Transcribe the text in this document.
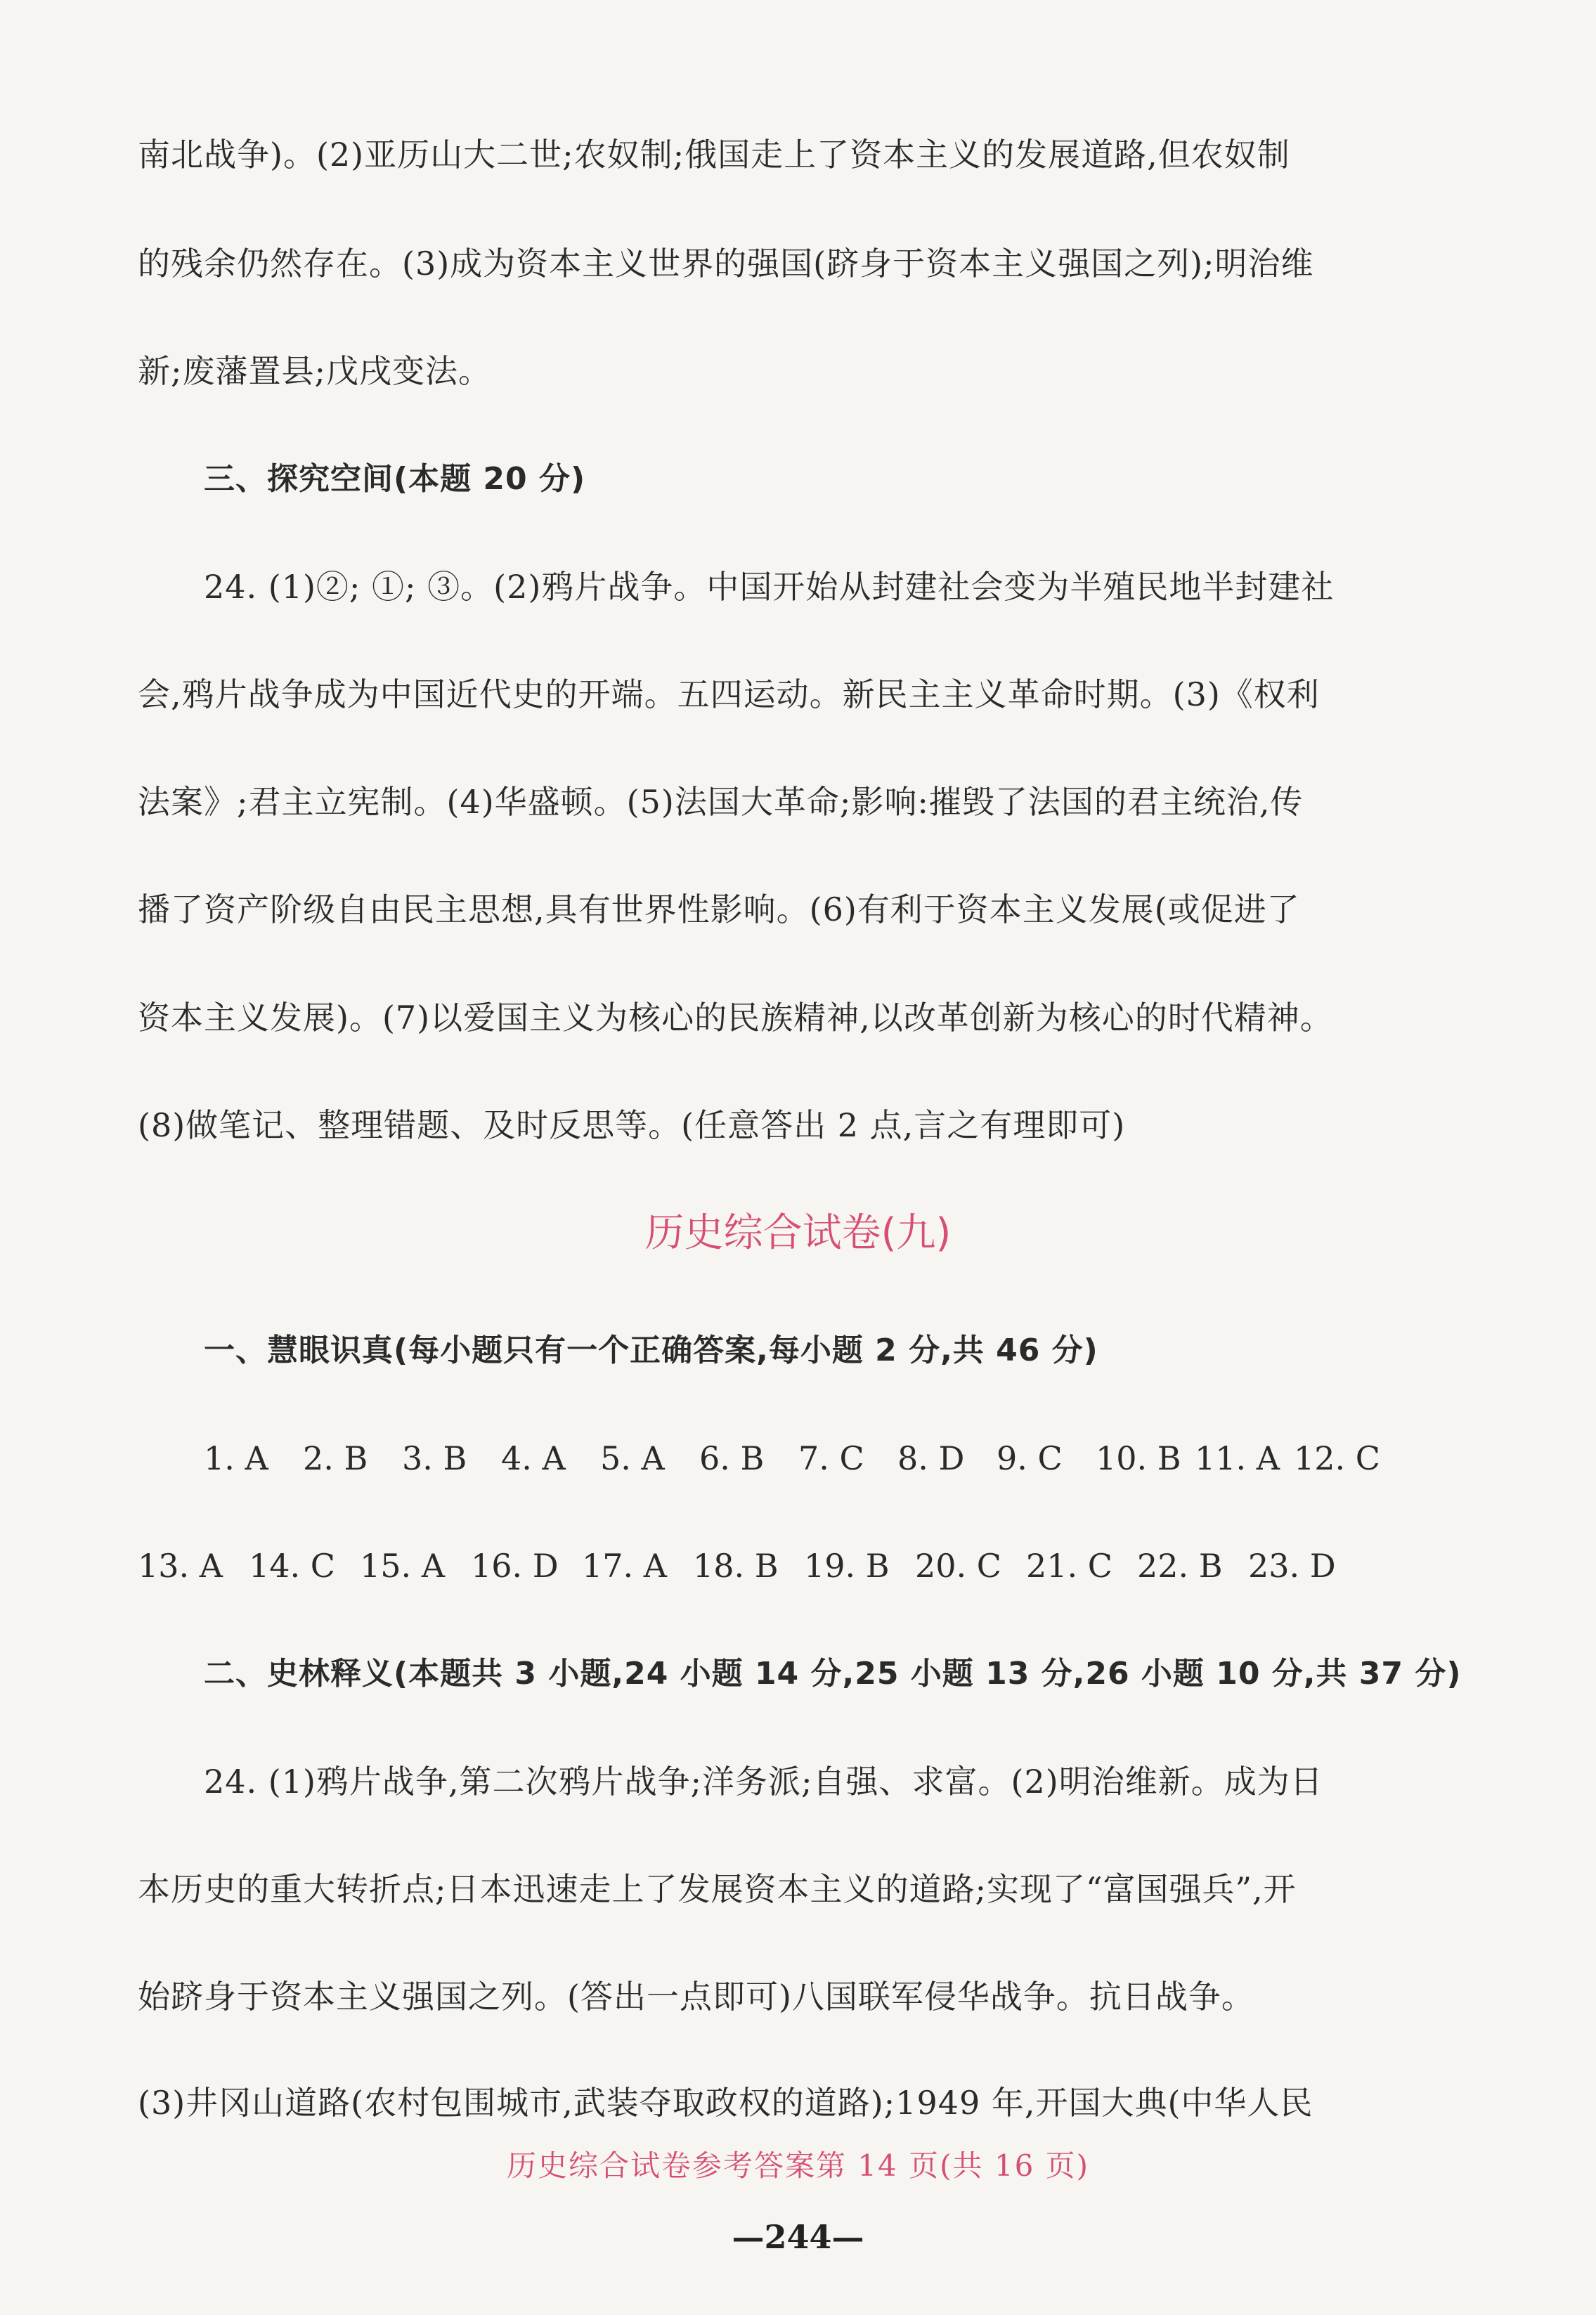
南北战争)。(2)亚历山大二世;农奴制;俄国走上了资本主义的发展道路,但农奴制
的残余仍然存在。(3)成为资本主义世界的强国(跻身于资本主义强国之列);明治维
新;废藩置县;戊戌变法。
三、探究空间(本题 20 分)
24. (1)②; ①; ③。(2)鸦片战争。中国开始从封建社会变为半殖民地半封建社
会,鸦片战争成为中国近代史的开端。五四运动。新民主主义革命时期。(3)《权利
法案》;君主立宪制。(4)华盛顿。(5)法国大革命;影响:摧毁了法国的君主统治,传
播了资产阶级自由民主思想,具有世界性影响。(6)有利于资本主义发展(或促进了
资本主义发展)。(7)以爱国主义为核心的民族精神,以改革创新为核心的时代精神。
(8)做笔记、整理错题、及时反思等。(任意答出 2 点,言之有理即可)
历史综合试卷(九)
一、慧眼识真(每小题只有一个正确答案,每小题 2 分,共 46 分)
1. A	2. B	3. B	4. A	5. A	6. B	7. C	8. D 9. C	10. B 11. A 12. C
13. A 14. C 15. A 16. D 17. A 18. B 19. B 20. C 21. C 22. B 23. D
二、史林释义(本题共 3 小题,24 小题 14 分,25 小题 13 分,26 小题 10 分,共 37 分)
24. (1)鸦片战争,第二次鸦片战争;洋务派;自强、求富。(2)明治维新。成为日
本历史的重大转折点;日本迅速走上了发展资本主义的道路;实现了“富国强兵”,开
始跻身于资本主义强国之列。(答出一点即可)八国联军侵华战争。抗日战争。
(3)井冈山道路(农村包围城市,武装夺取政权的道路);1949 年,开国大典(中华人民
历史综合试卷参考答案第 14 页(共 16 页)
—244—
